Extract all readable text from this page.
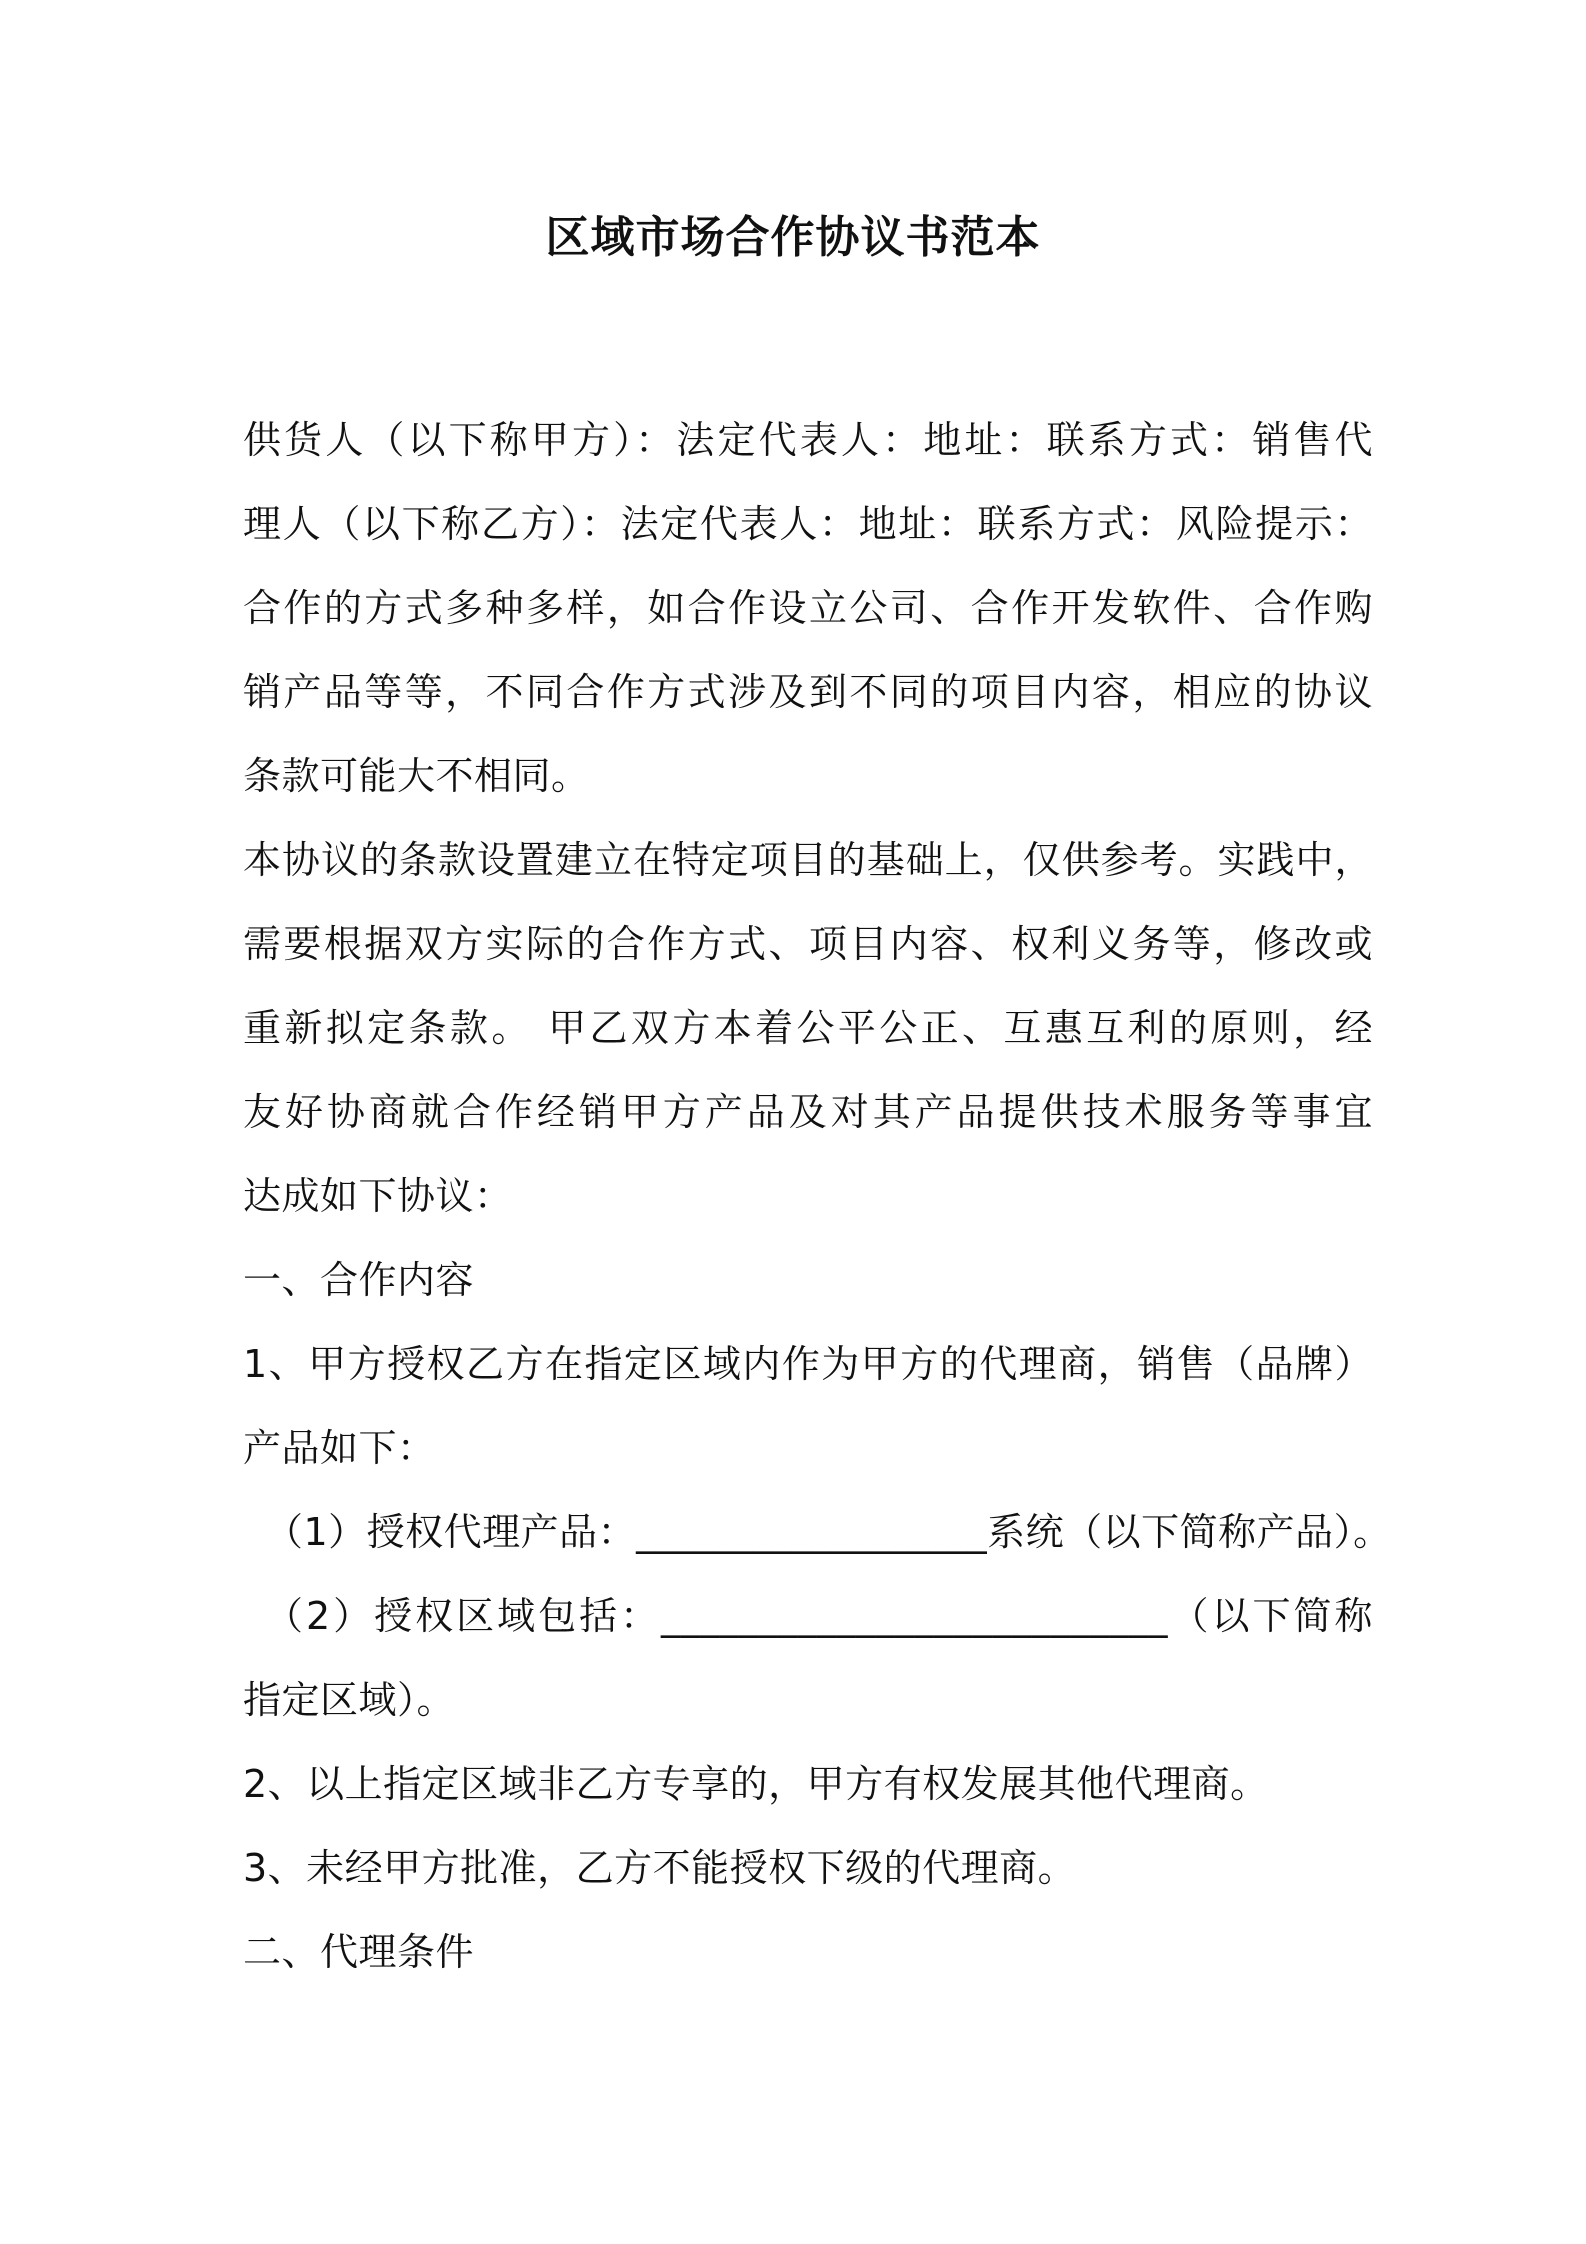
区域市场合作协议书范本
供货人（以下称甲方）：法定代表人：地址：联系方式：销售代
理人（以下称乙方）：法定代表人：地址：联系方式：风险提示：
合作的方式多种多样，如合作设立公司、合作开发软件、合作购
销产品等等，不同合作方式涉及到不同的项目内容，相应的协议
条款可能大不相同。
本协议的条款设置建立在特定项目的基础上，仅供参考。实践中，
需要根据双方实际的合作方式、项目内容、权利义务等，修改或
重新拟定条款。 甲乙双方本着公平公正、互惠互利的原则，经
友好协商就合作经销甲方产品及对其产品提供技术服务等事宜
达成如下协议：
一、合作内容
1、甲方授权乙方在指定区域内作为甲方的代理商，销售（品牌）
产品如下：
（1）授权代理产品：__________________系统（以下简称产品）。
（2）授权区域包括：__________________________（以下简称
指定区域）。
2、以上指定区域非乙方专享的，甲方有权发展其他代理商。
3、未经甲方批准，乙方不能授权下级的代理商。
二、代理条件
